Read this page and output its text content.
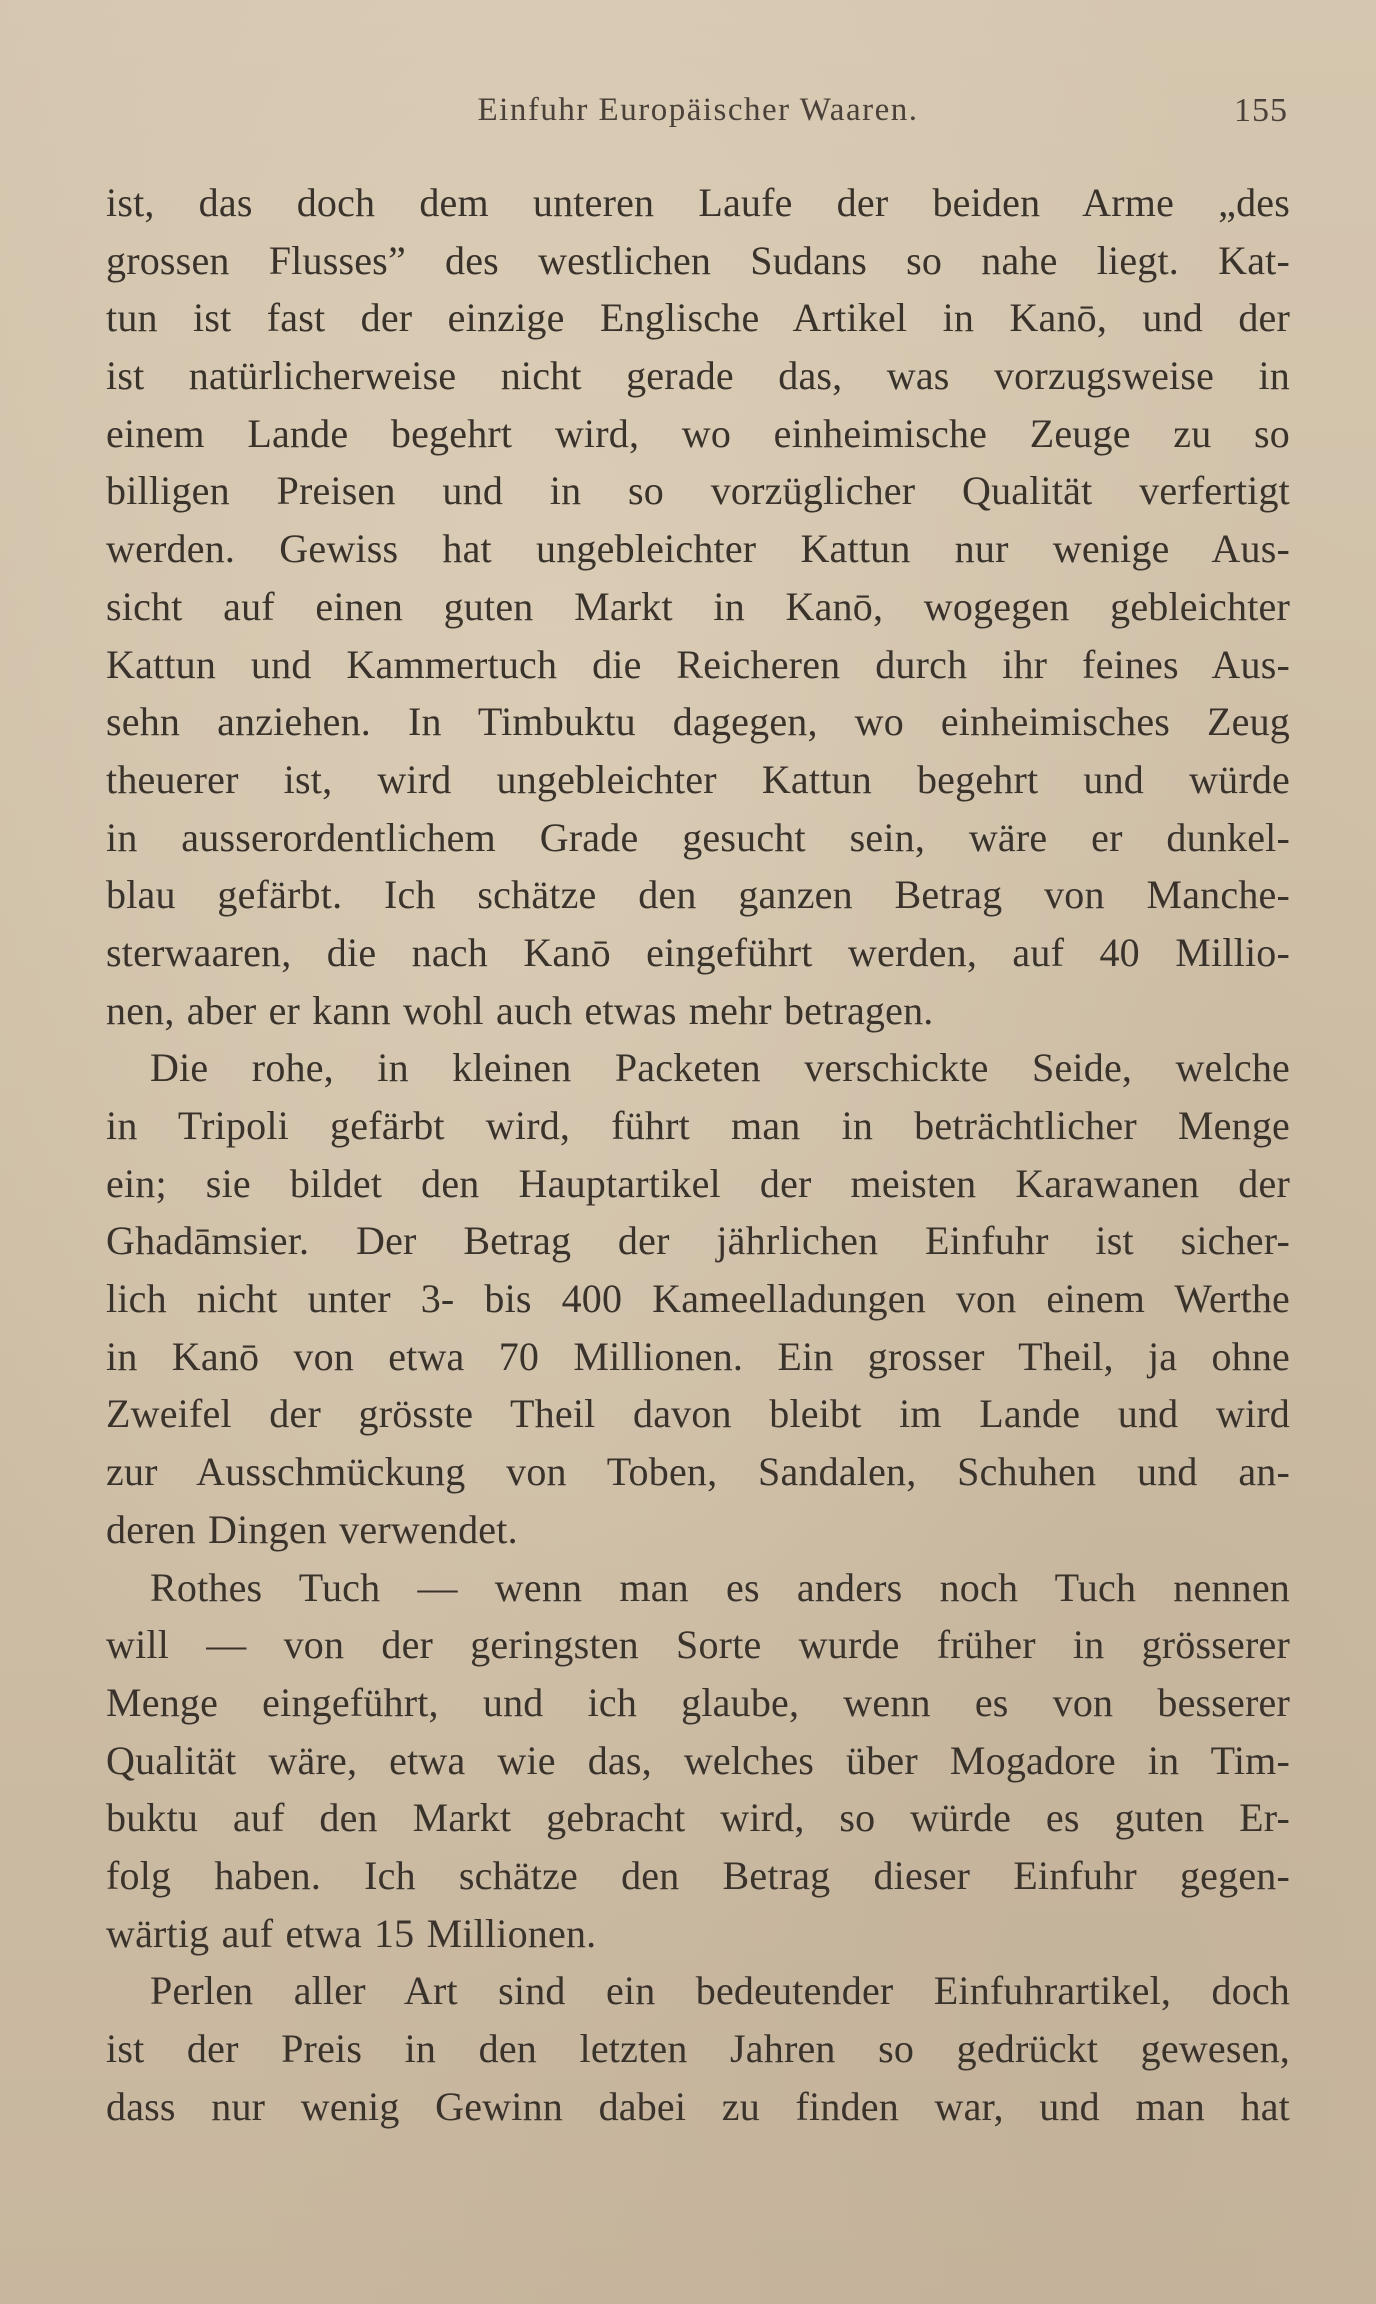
Einfuhr Europäischer Waaren.	155
ist, das doch dem unteren Laufe der beiden Arme „des
grossen Flusses” des westlichen Sudans so nahe liegt. Kat-
tun ist fast der einzige Englische Artikel in Kanō, und der
ist natürlicherweise nicht gerade das, was vorzugsweise in
einem Lande begehrt wird, wo einheimische Zeuge zu so
billigen Preisen und in so vorzüglicher Qualität verfertigt
werden. Gewiss hat ungebleichter Kattun nur wenige Aus-
sicht auf einen guten Markt in Kanō, wogegen gebleichter
Kattun und Kammertuch die Reicheren durch ihr feines Aus-
sehn anziehen. In Timbuktu dagegen, wo einheimisches Zeug
theuerer ist, wird ungebleichter Kattun begehrt und würde
in ausserordentlichem Grade gesucht sein, wäre er dunkel-
blau gefärbt. Ich schätze den ganzen Betrag von Manche-
sterwaaren, die nach Kanō eingeführt werden, auf 40 Millio-
nen, aber er kann wohl auch etwas mehr betragen.
Die rohe, in kleinen Packeten verschickte Seide, welche
in Tripoli gefärbt wird, führt man in beträchtlicher Menge
ein; sie bildet den Hauptartikel der meisten Karawanen der
Ghadāmsier. Der Betrag der jährlichen Einfuhr ist sicher-
lich nicht unter 3- bis 400 Kameelladungen von einem Werthe
in Kanō von etwa 70 Millionen. Ein grosser Theil, ja ohne
Zweifel der grösste Theil davon bleibt im Lande und wird
zur Ausschmückung von Toben, Sandalen, Schuhen und an-
deren Dingen verwendet.
Rothes Tuch — wenn man es anders noch Tuch nennen
will — von der geringsten Sorte wurde früher in grösserer
Menge eingeführt, und ich glaube, wenn es von besserer
Qualität wäre, etwa wie das, welches über Mogadore in Tim-
buktu auf den Markt gebracht wird, so würde es guten Er-
folg haben. Ich schätze den Betrag dieser Einfuhr gegen-
wärtig auf etwa 15 Millionen.
Perlen aller Art sind ein bedeutender Einfuhrartikel, doch
ist der Preis in den letzten Jahren so gedrückt gewesen,
dass nur wenig Gewinn dabei zu finden war, und man hat
